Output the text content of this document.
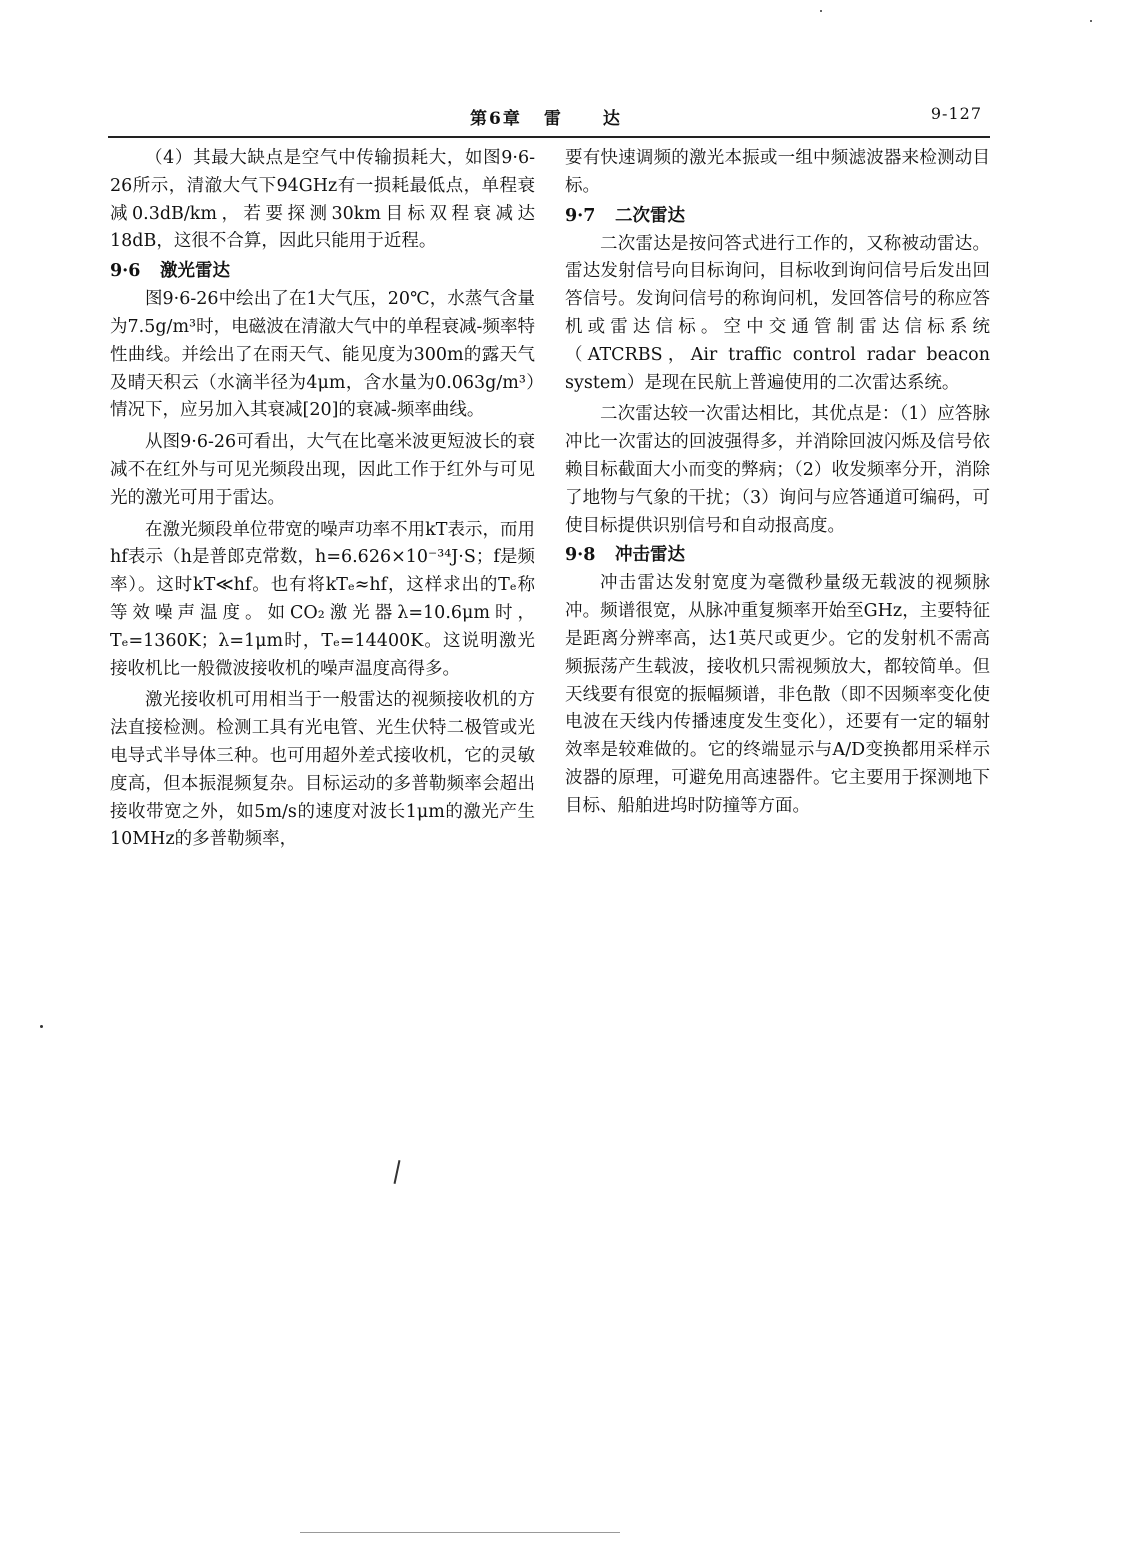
第6章 雷 达	9-127

（4）其最大缺点是空气中传输损耗大，如图9·6-26所示，清澈大气下94GHz有一损耗最低点，单程衰减0.3dB/km，若要探测30km目标双程衰减达18dB，这很不合算，因此只能用于近程。

9·6 激光雷达

图9·6-26中绘出了在1大气压，20℃，水蒸气含量为7.5g/m³时，电磁波在清澈大气中的单程衰减-频率特性曲线。并绘出了在雨天气、能见度为300m的露天气及晴天积云（水滴半径为4μm，含水量为0.063g/m³）情况下，应另加入其衰减[20]的衰减-频率曲线。

从图9·6-26可看出，大气在比毫米波更短波长的衰减不在红外与可见光频段出现，因此工作于红外与可见光的激光可用于雷达。

在激光频段单位带宽的噪声功率不用kT表示，而用hf表示（h是普郎克常数，h=6.626×10⁻³⁴J·S；f是频率）。这时kT≪hf。也有将kTₑ≈hf，这样求出的Tₑ称等效噪声温度。如CO₂激光器λ=10.6μm时，Tₑ=1360K；λ=1μm时，Tₑ=14400K。这说明激光接收机比一般微波接收机的噪声温度高得多。

激光接收机可用相当于一般雷达的视频接收机的方法直接检测。检测工具有光电管、光生伏特二极管或光电导式半导体三种。也可用超外差式接收机，它的灵敏度高，但本振混频复杂。目标运动的多普勒频率会超出接收带宽之外，如5m/s的速度对波长1μm的激光产生10MHz的多普勒频率，

要有快速调频的激光本振或一组中频滤波器来检测动目标。

9·7 二次雷达

二次雷达是按问答式进行工作的，又称被动雷达。雷达发射信号向目标询问，目标收到询问信号后发出回答信号。发询问信号的称询问机，发回答信号的称应答机或雷达信标。空中交通管制雷达信标系统（ATCRBS，Air traffic control radar beacon system）是现在民航上普遍使用的二次雷达系统。

二次雷达较一次雷达相比，其优点是：（1）应答脉冲比一次雷达的回波强得多，并消除回波闪烁及信号依赖目标截面大小而变的弊病；（2）收发频率分开，消除了地物与气象的干扰；（3）询问与应答通道可编码，可使目标提供识别信号和自动报高度。

9·8 冲击雷达

冲击雷达发射宽度为毫微秒量级无载波的视频脉冲。频谱很宽，从脉冲重复频率开始至GHz，主要特征是距离分辨率高，达1英尺或更少。它的发射机不需高频振荡产生载波，接收机只需视频放大，都较简单。但天线要有很宽的振幅频谱，非色散（即不因频率变化使电波在天线内传播速度发生变化），还要有一定的辐射效率是较难做的。它的终端显示与A/D变换都用采样示波器的原理，可避免用高速器件。它主要用于探测地下目标、船舶进坞时防撞等方面。
